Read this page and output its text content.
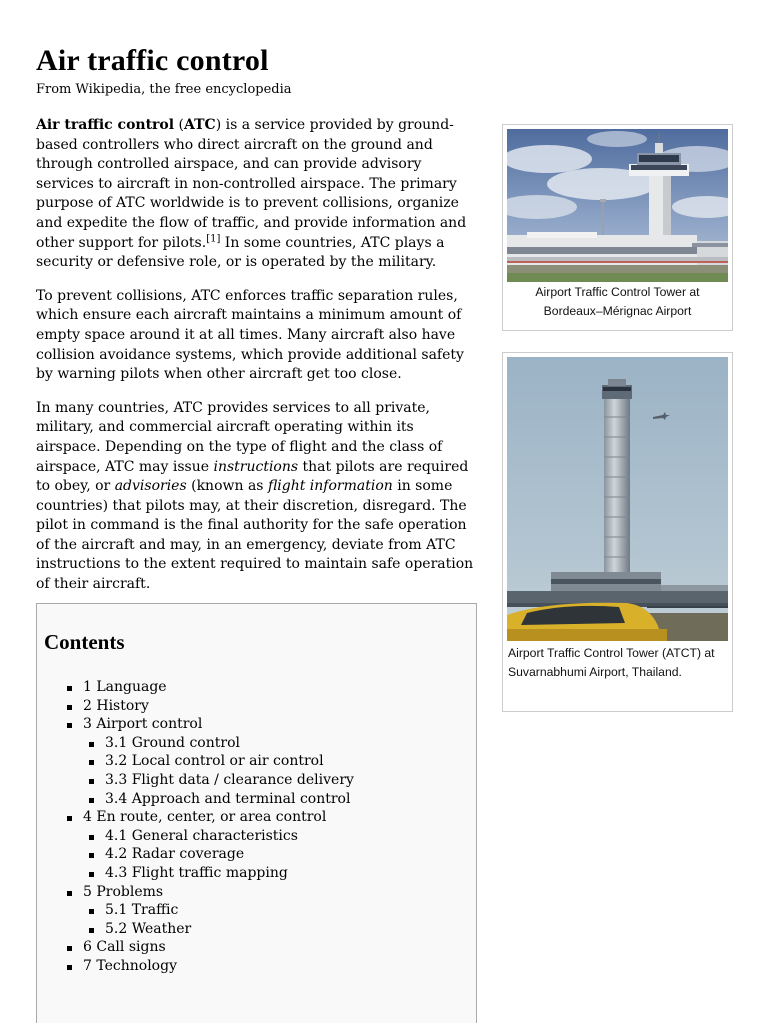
Air traffic control
From Wikipedia, the free encyclopedia

Air traffic control (ATC) is a service provided by ground-based controllers who direct aircraft on the ground and through controlled airspace, and can provide advisory services to aircraft in non-controlled airspace. The primary purpose of ATC worldwide is to prevent collisions, organize and expedite the flow of traffic, and provide information and other support for pilots.[1] In some countries, ATC plays a security or defensive role, or is operated by the military.

To prevent collisions, ATC enforces traffic separation rules, which ensure each aircraft maintains a minimum amount of empty space around it at all times. Many aircraft also have collision avoidance systems, which provide additional safety by warning pilots when other aircraft get too close.

In many countries, ATC provides services to all private, military, and commercial aircraft operating within its airspace. Depending on the type of flight and the class of airspace, ATC may issue instructions that pilots are required to obey, or advisories (known as flight information in some countries) that pilots may, at their discretion, disregard. The pilot in command is the final authority for the safe operation of the aircraft and may, in an emergency, deviate from ATC instructions to the extent required to maintain safe operation of their aircraft.

Contents
1 Language
2 History
3 Airport control
3.1 Ground control
3.2 Local control or air control
3.3 Flight data / clearance delivery
3.4 Approach and terminal control
4 En route, center, or area control
4.1 General characteristics
4.2 Radar coverage
4.3 Flight traffic mapping
5 Problems
5.1 Traffic
5.2 Weather
6 Call signs
7 Technology
Airport Traffic Control Tower at Bordeaux–Mérignac Airport
Airport Traffic Control Tower (ATCT) at Suvarnabhumi Airport, Thailand.
